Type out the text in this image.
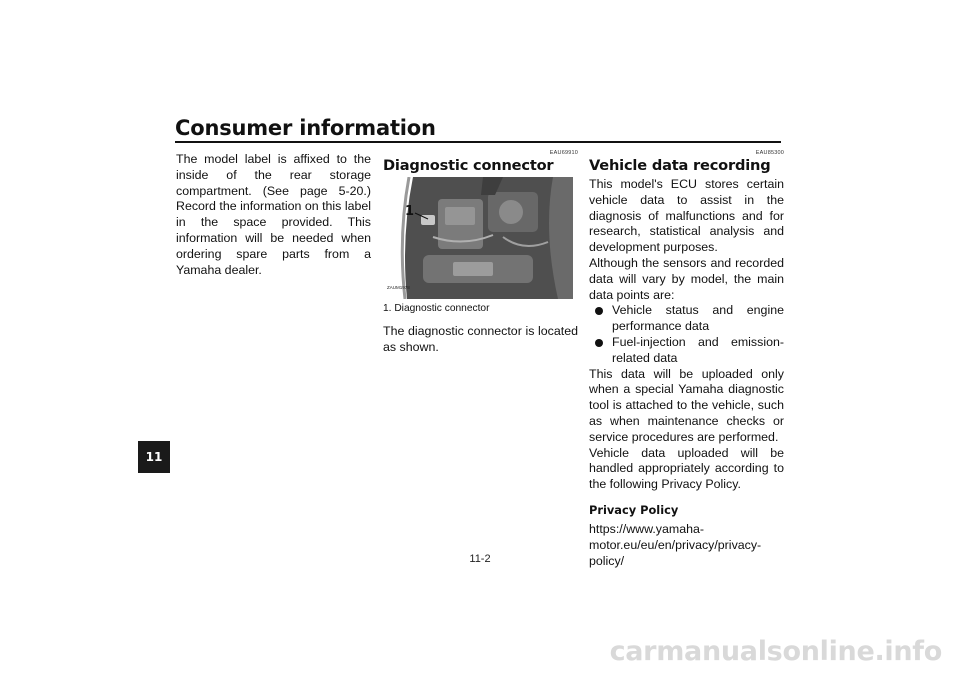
Consumer information
11

The model label is affixed to the inside of the rear storage compartment. (See page 5-20.) Record the information on this label in the space provided. This information will be needed when ordering spare parts from a Yamaha dealer.

EAU69910
Diagnostic connector
1
ZAUM1978
1. Diagnostic connector

The diagnostic connector is located as shown.

EAU85300
Vehicle data recording

This model's ECU stores certain vehicle data to assist in the diagnosis of malfunctions and for research, statistical analysis and development purposes.

Although the sensors and recorded data will vary by model, the main data points are:

Vehicle status and engine performance data
Fuel-injection and emission-related data

This data will be uploaded only when a special Yamaha diagnostic tool is attached to the vehicle, such as when maintenance checks or service procedures are performed.

Vehicle data uploaded will be handled appropriately according to the following Privacy Policy.

Privacy Policy

https://www.yamaha-motor.eu/eu/en/privacy/privacy-policy/

11-2
carmanualsonline.info
